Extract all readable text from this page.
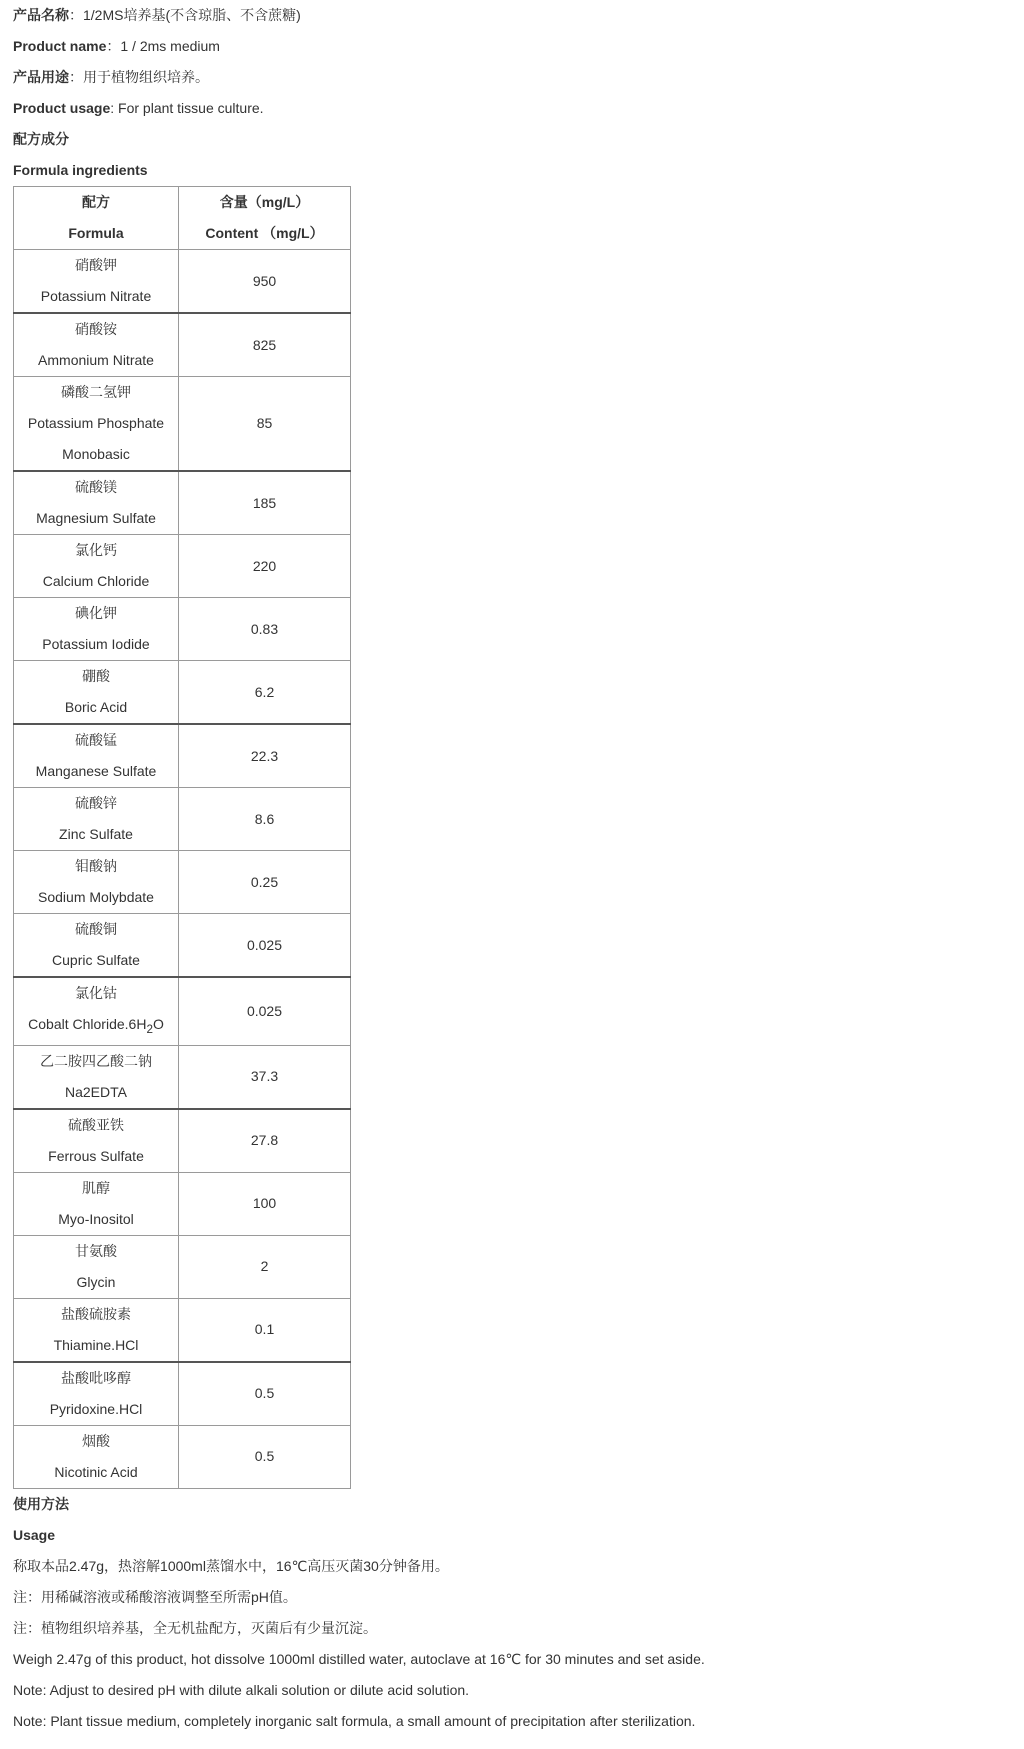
产品名称：1/2MS培养基(不含琼脂、不含蔗糖)

Product name：1 / 2ms medium

产品用途：用于植物组织培养。

Product usage: For plant tissue culture.

配方成分

Formula ingredients

配方
Formula	含量（mg/L）
Content （mg/L）

硝酸钾
Potassium Nitrate	950

硝酸铵
Ammonium Nitrate	825

磷酸二氢钾
Potassium Phosphate
Monobasic	85

硫酸镁
Magnesium Sulfate	185

氯化钙
Calcium Chloride	220

碘化钾
Potassium Iodide	0.83

硼酸
Boric Acid	6.2

硫酸锰
Manganese Sulfate	22.3

硫酸锌
Zinc Sulfate	8.6

钼酸钠
Sodium Molybdate	0.25

硫酸铜
Cupric Sulfate	0.025

氯化钴
Cobalt $Chloride.6H_2O$	0.025

乙二胺四乙酸二钠
Na2EDTA	37.3

硫酸亚铁
Ferrous Sulfate	27.8

肌醇
Myo-Inositol	100

甘氨酸
Glycin	2

盐酸硫胺素
Thiamine.HCl	0.1

盐酸吡哆醇
Pyridoxine.HCl	0.5

烟酸
Nicotinic Acid	0.5

使用方法

Usage

称取本品2.47g，热溶解1000ml蒸馏水中，16℃高压灭菌30分钟备用。

注：用稀碱溶液或稀酸溶液调整至所需pH值。

注：植物组织培养基，全无机盐配方，灭菌后有少量沉淀。

Weigh 2.47g of this product, hot dissolve 1000ml distilled water, autoclave at 16℃ for 30 minutes and set aside.

Note: Adjust to desired pH with dilute alkali solution or dilute acid solution.

Note: Plant tissue medium, completely inorganic salt formula, a small amount of precipitation after sterilization.
